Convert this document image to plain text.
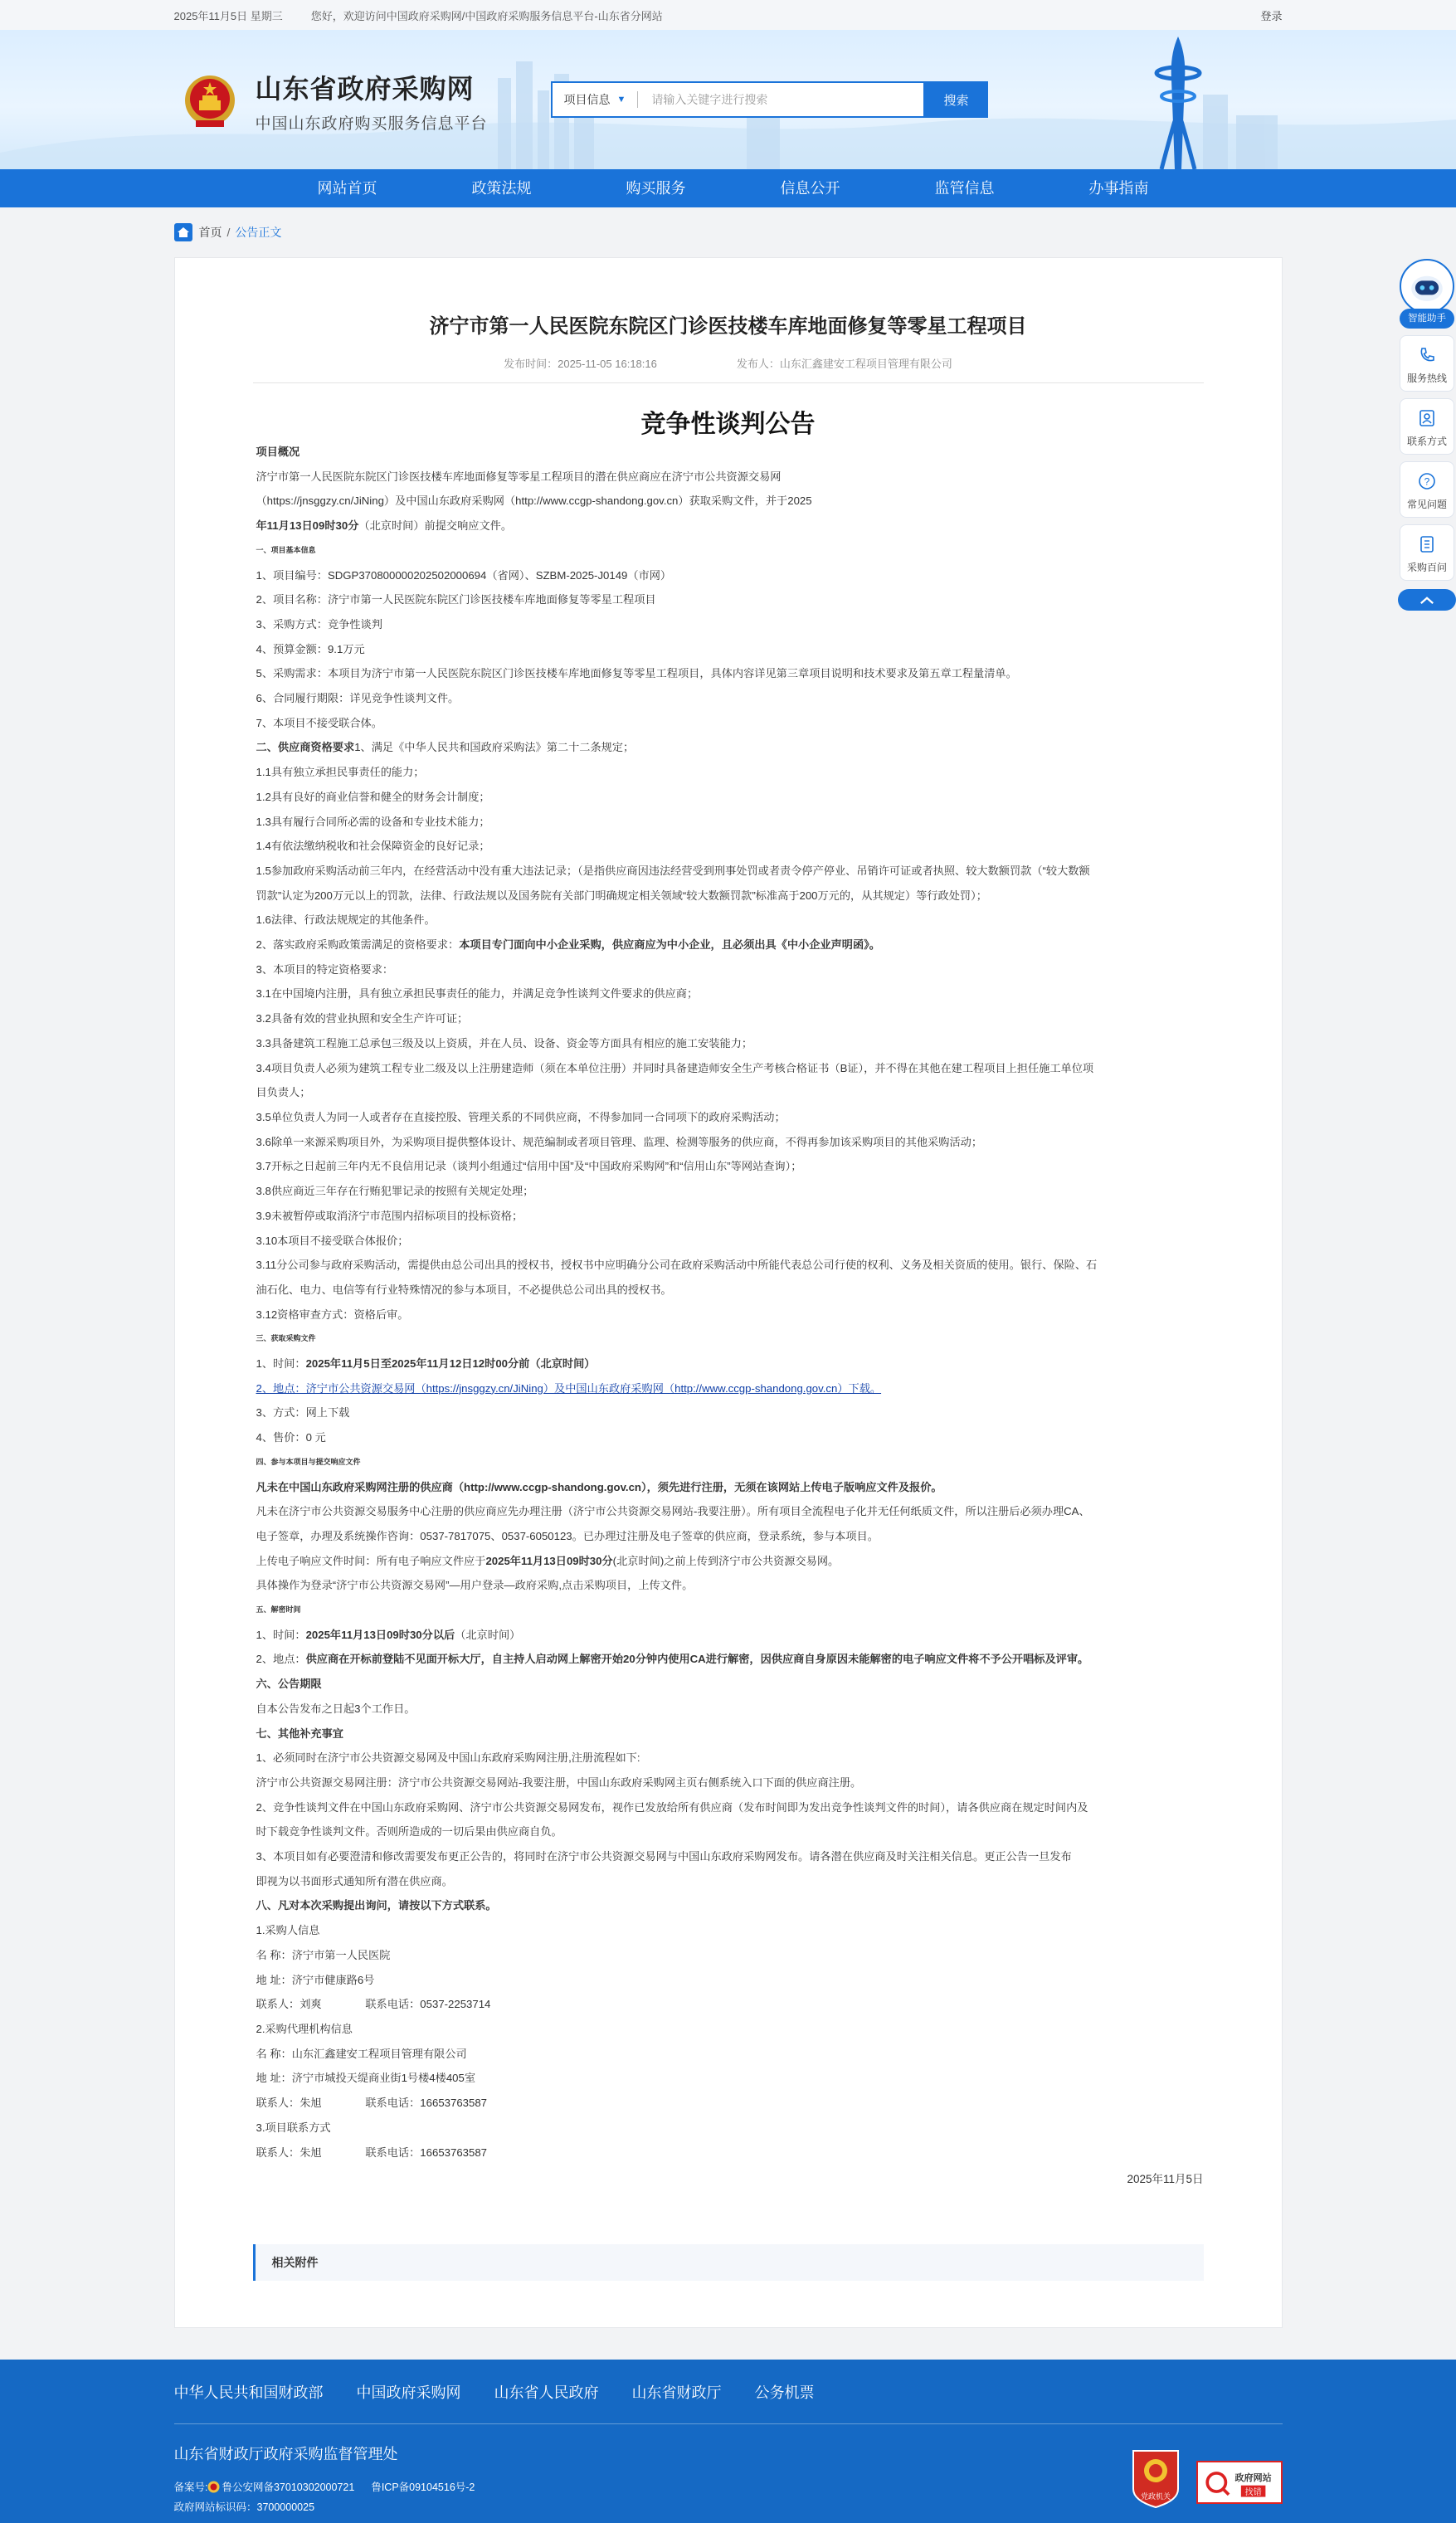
2025年11月5日 星期三	您好，欢迎访问中国政府采购网/中国政府采购服务信息平台-山东省分网站	登录
山东省政府采购网
中国山东政府购买服务信息平台
项目信息 ▼
请输入关键字进行搜索	搜索
网站首页	政策法规	购买服务	信息公开	监管信息	办事指南
首页 / 公告正文
济宁市第一人民医院东院区门诊医技楼车库地面修复等零星工程项目
发布时间：2025-11-05 16:18:16	发布人：山东汇鑫建安工程项目管理有限公司
竞争性谈判公告

项目概况

济宁市第一人民医院东院区门诊医技楼车库地面修复等零星工程项目的潜在供应商应在济宁市公共资源交易网

（https://jnsggzy.cn/JiNing）及中国山东政府采购网（http://www.ccgp-shandong.gov.cn）获取采购文件，并于2025

年11月13日09时30分（北京时间）前提交响应文件。

一、项目基本信息

1、项目编号：SDGP370800000202502000694（省网）、SZBM-2025-J0149（市网）

2、项目名称：济宁市第一人民医院东院区门诊医技楼车库地面修复等零星工程项目

3、采购方式：竞争性谈判

4、预算金额：9.1万元

5、采购需求：本项目为济宁市第一人民医院东院区门诊医技楼车库地面修复等零星工程项目，具体内容详见第三章项目说明和技术要求及第五章工程量清单。

6、合同履行期限：详见竞争性谈判文件。

7、本项目不接受联合体。

二、供应商资格要求1、满足《中华人民共和国政府采购法》第二十二条规定；

1.1具有独立承担民事责任的能力；

1.2具有良好的商业信誉和健全的财务会计制度；

1.3具有履行合同所必需的设备和专业技术能力；

1.4有依法缴纳税收和社会保障资金的良好记录；

1.5参加政府采购活动前三年内，在经营活动中没有重大违法记录；（是指供应商因违法经营受到刑事处罚或者责令停产停业、吊销许可证或者执照、较大数额罚款（“较大数额

罚款”认定为200万元以上的罚款，法律、行政法规以及国务院有关部门明确规定相关领域“较大数额罚款”标准高于200万元的，从其规定）等行政处罚）；

1.6法律、行政法规规定的其他条件。

2、落实政府采购政策需满足的资格要求：本项目专门面向中小企业采购，供应商应为中小企业，且必须出具《中小企业声明函》。

3、本项目的特定资格要求：

3.1在中国境内注册，具有独立承担民事责任的能力，并满足竞争性谈判文件要求的供应商；

3.2具备有效的营业执照和安全生产许可证；

3.3具备建筑工程施工总承包三级及以上资质，并在人员、设备、资金等方面具有相应的施工安装能力；

3.4项目负责人必须为建筑工程专业二级及以上注册建造师（须在本单位注册）并同时具备建造师安全生产考核合格证书（B证），并不得在其他在建工程项目上担任施工单位项

目负责人；

3.5单位负责人为同一人或者存在直接控股、管理关系的不同供应商，不得参加同一合同项下的政府采购活动；

3.6除单一来源采购项目外，为采购项目提供整体设计、规范编制或者项目管理、监理、检测等服务的供应商，不得再参加该采购项目的其他采购活动；

3.7开标之日起前三年内无不良信用记录（谈判小组通过“信用中国”及“中国政府采购网”和“信用山东”等网站查询）；

3.8供应商近三年存在行贿犯罪记录的按照有关规定处理；

3.9未被暂停或取消济宁市范围内招标项目的投标资格；

3.10本项目不接受联合体报价；

3.11分公司参与政府采购活动，需提供由总公司出具的授权书，授权书中应明确分公司在政府采购活动中所能代表总公司行使的权利、义务及相关资质的使用。银行、保险、石

油石化、电力、电信等有行业特殊情况的参与本项目，不必提供总公司出具的授权书。

3.12资格审查方式：资格后审。

三、获取采购文件

1、时间：2025年11月5日至2025年11月12日12时00分前（北京时间）

2、地点：济宁市公共资源交易网（https://jnsggzy.cn/JiNing）及中国山东政府采购网（http://www.ccgp-shandong.gov.cn）下载。

3、方式：网上下载

4、售价：0 元

四、参与本项目与提交响应文件

凡未在中国山东政府采购网注册的供应商（http://www.ccgp-shandong.gov.cn），须先进行注册，无须在该网站上传电子版响应文件及报价。

凡未在济宁市公共资源交易服务中心注册的供应商应先办理注册（济宁市公共资源交易网站-我要注册）。所有项目全流程电子化并无任何纸质文件，所以注册后必须办理CA、

电子签章，办理及系统操作咨询：0537-7817075、0537-6050123。已办理过注册及电子签章的供应商，登录系统，参与本项目。

上传电子响应文件时间：所有电子响应文件应于2025年11月13日09时30分(北京时间)之前上传到济宁市公共资源交易网。

具体操作为登录“济宁市公共资源交易网”—用户登录—政府采购,点击采购项目，上传文件。

五、解密时间

1、时间：2025年11月13日09时30分以后（北京时间）

2、地点：供应商在开标前登陆不见面开标大厅，自主持人启动网上解密开始20分钟内使用CA进行解密，因供应商自身原因未能解密的电子响应文件将不予公开唱标及评审。

六、公告期限

自本公告发布之日起3个工作日。

七、其他补充事宜

1、必须同时在济宁市公共资源交易网及中国山东政府采购网注册,注册流程如下:

济宁市公共资源交易网注册：济宁市公共资源交易网站-我要注册，中国山东政府采购网主页右侧系统入口下面的供应商注册。

2、竞争性谈判文件在中国山东政府采购网、济宁市公共资源交易网发布，视作已发放给所有供应商（发布时间即为发出竞争性谈判文件的时间），请各供应商在规定时间内及

时下载竞争性谈判文件。否则所造成的一切后果由供应商自负。

3、本项目如有必要澄清和修改需要发布更正公告的，将同时在济宁市公共资源交易网与中国山东政府采购网发布。请各潜在供应商及时关注相关信息。更正公告一旦发布

即视为以书面形式通知所有潜在供应商。

八、凡对本次采购提出询问，请按以下方式联系。

1.采购人信息

名 称：济宁市第一人民医院

地 址：济宁市健康路6号

联系人：刘爽　　　　联系电话：0537-2253714

2.采购代理机构信息

名 称：山东汇鑫建安工程项目管理有限公司

地 址：济宁市城投天缇商业街1号楼4楼405室

联系人：朱旭　　　　联系电话：16653763587

3.项目联系方式

联系人：朱旭　　　　联系电话：16653763587

2025年11月5日
相关附件
中华人民共和国财政部 中国政府采购网 山东省人民政府 山东省财政厅 公务机票
山东省财政厅政府采购监督管理处
备案号: 鲁公安网备37010302000721 鲁ICP备09104516号-2
政府网站标识码：3700000025
党政机关
政府网站
找错
智能助手
服务热线
联系方式
?
常见问题
采购百问
